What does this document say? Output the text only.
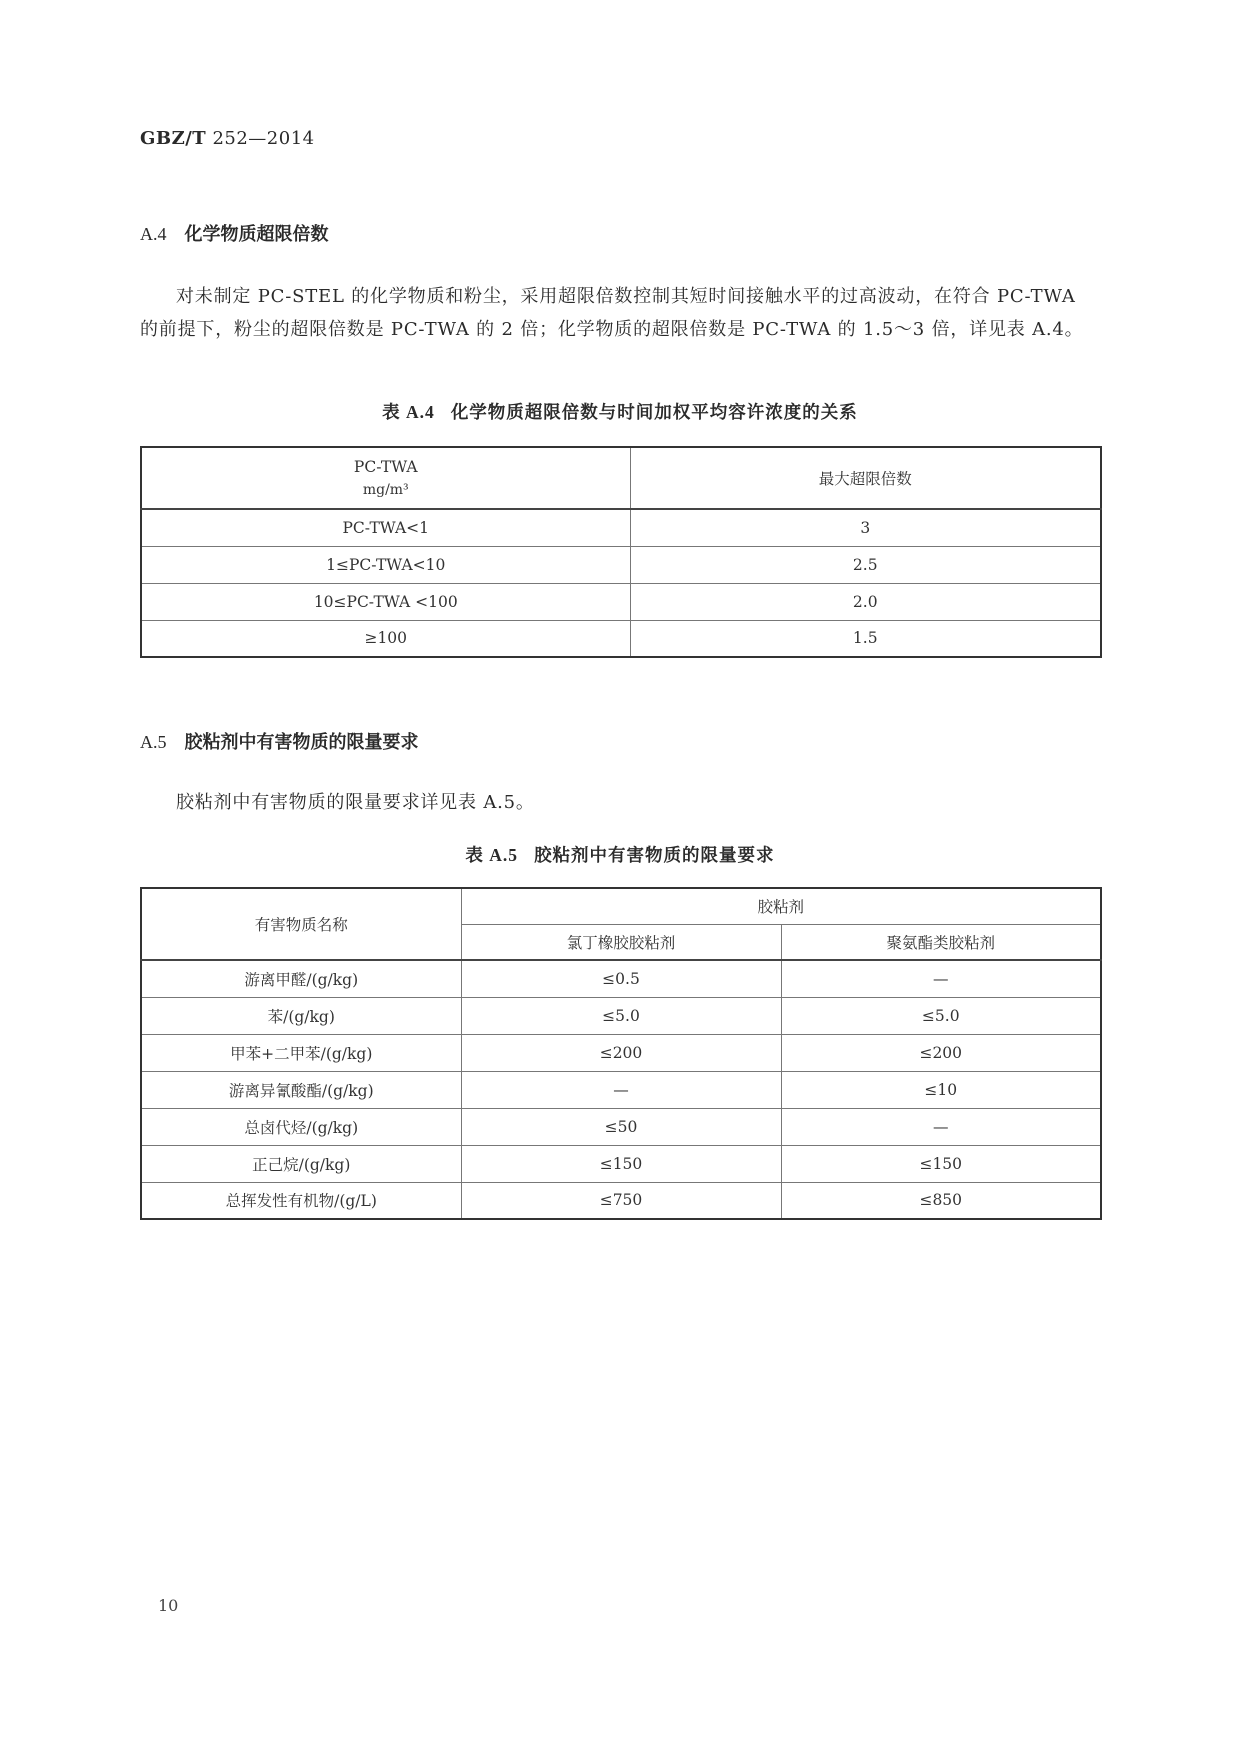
GBZ/T 252—2014
A.4 化学物质超限倍数
对未制定 PC-STEL 的化学物质和粉尘，采用超限倍数控制其短时间接触水平的过高波动，在符合 PC-TWA 的前提下，粉尘的超限倍数是 PC-TWA 的 2 倍；化学物质的超限倍数是 PC-TWA 的 1.5～3 倍，详见表 A.4。
表 A.4 化学物质超限倍数与时间加权平均容许浓度的关系
PC-TWA
mg/m³	最大超限倍数
PC-TWA<1	3
1≤PC-TWA<10	2.5
10≤PC-TWA <100	2.0
≥100	1.5
A.5 胶粘剂中有害物质的限量要求
胶粘剂中有害物质的限量要求详见表 A.5。
表 A.5 胶粘剂中有害物质的限量要求
有害物质名称	胶粘剂	
	氯丁橡胶胶粘剂	聚氨酯类胶粘剂
游离甲醛/(g/kg)	≤0.5	—
苯/(g/kg)	≤5.0	≤5.0
甲苯+二甲苯/(g/kg)	≤200	≤200
游离异氰酸酯/(g/kg)	—	≤10
总卤代烃/(g/kg)	≤50	—
正己烷/(g/kg)	≤150	≤150
总挥发性有机物/(g/L)	≤750	≤850
10
